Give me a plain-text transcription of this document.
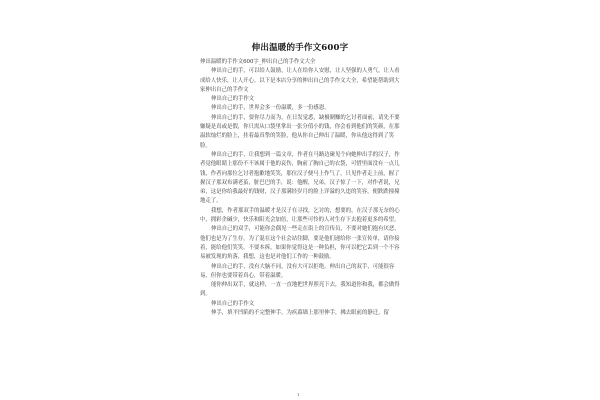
伸出温暖的手作文600字

伸出温暖的手作文600字_伸出自己的手作文大全

伸出自己的手，可以给人鼓励，让人在给你人安慰，让人坚强的人勇气，让人看成给人快乐，让人开心。以下是本店分享的伸出自己的手作文大全，希望能帮助到大家伸出自己的手作文

伸出自己的手作文

伸出自己的手，世界会多一份温暖，多一份感恩。

伸出自己的手，要你尽力而为，在日发觉悉，缺极制赚的乞讨者面前，请先不要嫌疑是真或是假，你只需从口袋里掌出一张分值小的钱，你会看到他们的笑颜，在那温软灿烂的脸上，挂着最真挚的笑脸，他从你自己伸出了温暖，你从他这得到了笑脸。

伸出自己的手，让我想到一篇文章，作者在马路边碰见个向她伸出手的汉子，作者觉他眼睛上那份不不该属于他的哀伤，胸前了胸自己的衣袋，可惜里面没有一点儿钱，作者向那位乞讨者抱歉地笑笑，那位汉子便马上作气了，只见作者走上前，握了握汉子那双布满老茧，脏巴巴的手，说：他醒，兄弟，汉子惊了一下，对作者说，兄弟，这是你给我最好的钱财，汉子那满经岁月的脸上详溢的久违的笑容，便跌跌撞撞地走了。

我想，作者那双手的温暖才是汉子在寻找，乞讨的，想要的，在汉子那无奈的心中，拥彩企碱少，快乐和阳光会加倍，让那些可怜的人对生存下去抱着更多的希望。

伸出自己的双手，可能你会偶见一些走在街上的宣传员，不要对她们抱有厌恶，他们也是为了生存，为了混在这个社会站住脚，要是他们递给你一张宣传单，请你接着，能给他们笑笑，不要本拆，如果你觉得这是一种负担，你可以把它丢到一个不容易被发现的角落，我想，这也是对他们工作的一种鼓励。

伸出自己的手，没有大脑不同，没有大可以拒绝。伸出自己的双手，可能很容易，但你也要带着真心，带着温暖。

能你伸出双手，就这样，一直一直地把世界照亮下去，我知道你和我，都会做得到。

伸出自己的手作文

伸手，填平凹陷的不完整伸手，为疾幕墙上那里伸手，拂去眼前的静迁，留

1
